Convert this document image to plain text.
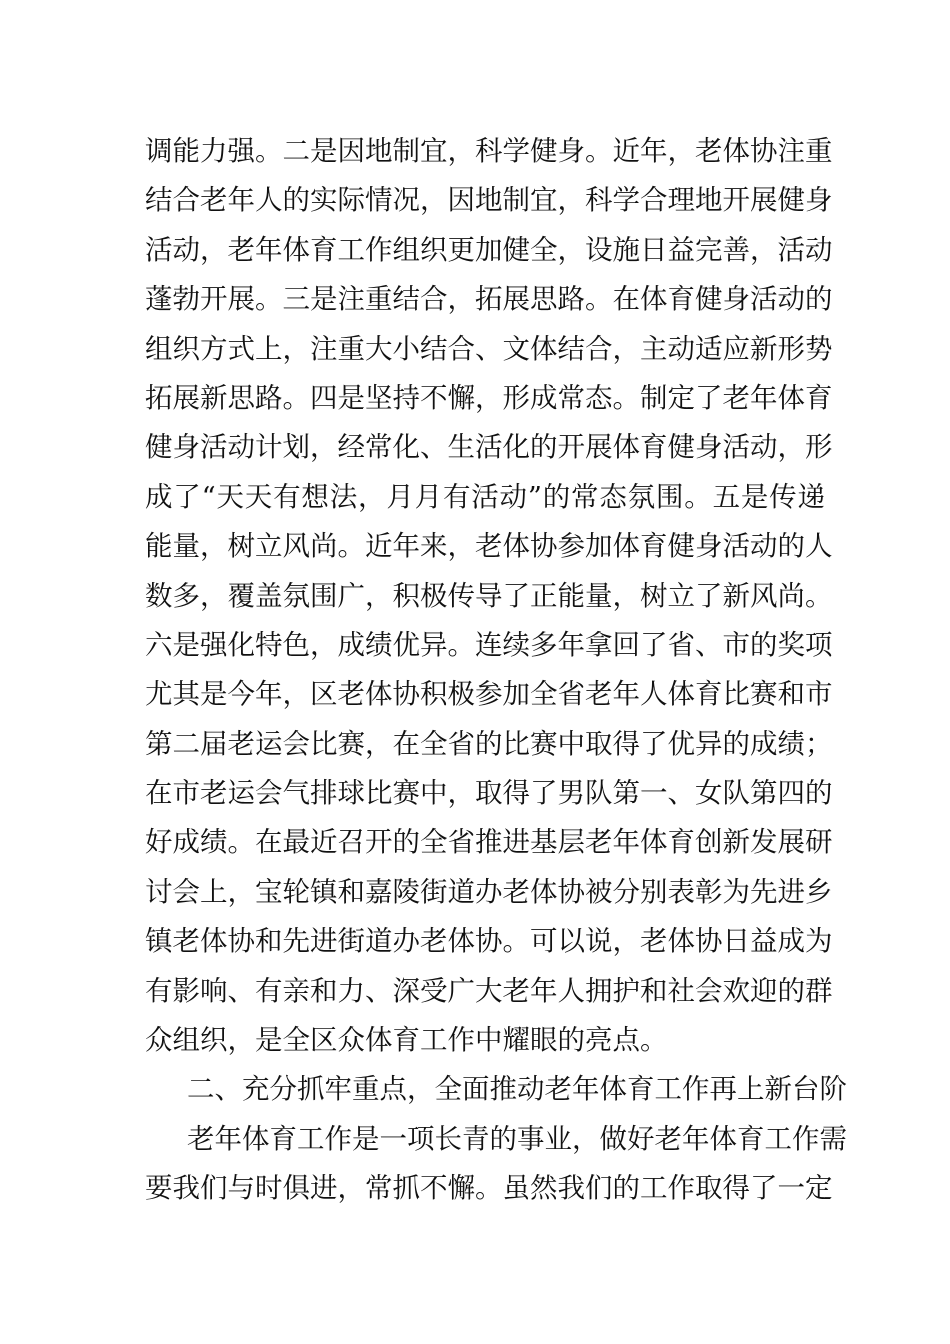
调能力强。二是因地制宜，科学健身。近年，老体协注重
结合老年人的实际情况，因地制宜，科学合理地开展健身
活动，老年体育工作组织更加健全，设施日益完善，活动
蓬勃开展。三是注重结合，拓展思路。在体育健身活动的
组织方式上，注重大小结合、文体结合，主动适应新形势
拓展新思路。四是坚持不懈，形成常态。制定了老年体育
健身活动计划，经常化、生活化的开展体育健身活动，形
成了“天天有想法，月月有活动”的常态氛围。五是传递
能量，树立风尚。近年来，老体协参加体育健身活动的人
数多，覆盖氛围广，积极传导了正能量，树立了新风尚。
六是强化特色，成绩优异。连续多年拿回了省、市的奖项
尤其是今年，区老体协积极参加全省老年人体育比赛和市
第二届老运会比赛，在全省的比赛中取得了优异的成绩；
在市老运会气排球比赛中，取得了男队第一、女队第四的
好成绩。在最近召开的全省推进基层老年体育创新发展研
讨会上，宝轮镇和嘉陵街道办老体协被分别表彰为先进乡
镇老体协和先进街道办老体协。可以说，老体协日益成为
有影响、有亲和力、深受广大老年人拥护和社会欢迎的群
众组织，是全区众体育工作中耀眼的亮点。
二、充分抓牢重点，全面推动老年体育工作再上新台阶
老年体育工作是一项长青的事业，做好老年体育工作需
要我们与时俱进，常抓不懈。虽然我们的工作取得了一定
